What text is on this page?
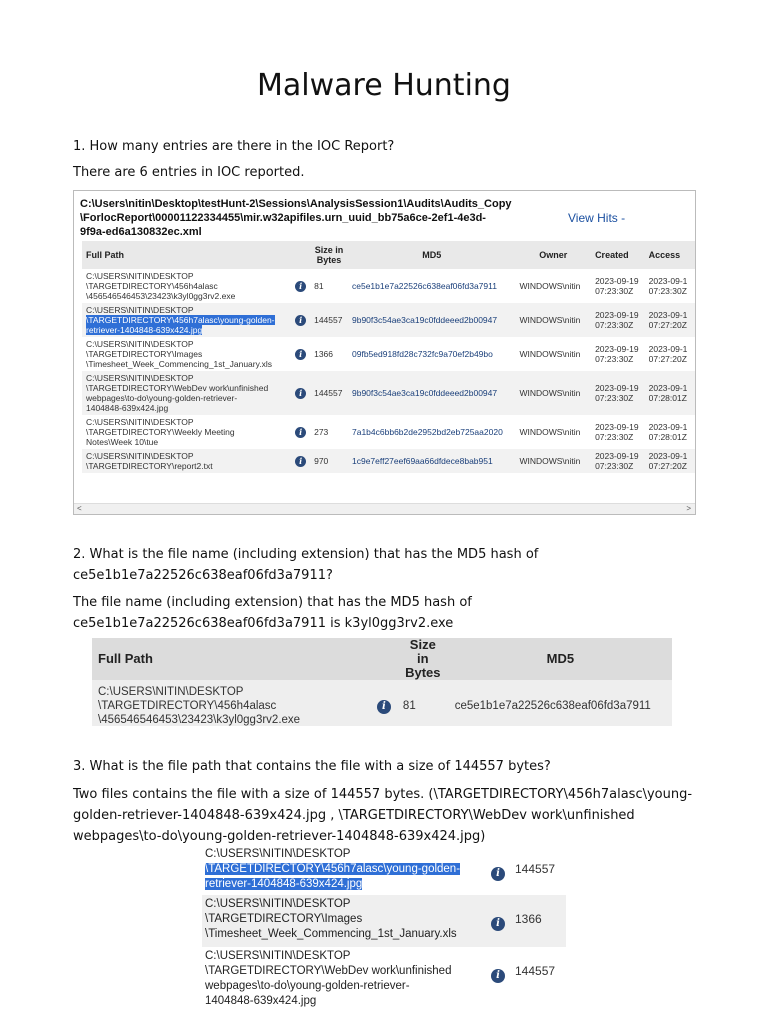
Malware Hunting

1. How many entries are there in the IOC Report?

There are 6 entries in IOC reported.

C:\Users\nitin\Desktop\testHunt-2\Sessions\AnalysisSession1\Audits\Audits_Copy
\ForlocReport\00001122334455\mir.w32apifiles.urn_uuid_bb75a6ce-2ef1-4e3d-
9f9a-ed6a130832ec.xml
View Hits -
Full Path		Size in Bytes	MD5	Owner	Created	Access

C:\USERS\NITIN\DESKTOP
\TARGETDIRECTORY\456h4alasc
\456546546453\23423\k3yl0gg3rv2.exe	i	81	ce5e1b1e7a22526c638eaf06fd3a7911	WINDOWS\nitin	2023-09-19 07:23:30Z	2023-09-1 07:23:30Z

C:\USERS\NITIN\DESKTOP
\TARGETDIRECTORY\456h7alasc\young-golden-
retriever-1404848-639x424.jpg	i	144557	9b90f3c54ae3ca19c0fddeeed2b00947	WINDOWS\nitin	2023-09-19 07:23:30Z	2023-09-1 07:27:20Z

C:\USERS\NITIN\DESKTOP
\TARGETDIRECTORY\Images
\Timesheet_Week_Commencing_1st_January.xls	i	1366	09fb5ed918fd28c732fc9a70ef2b49bo	WINDOWS\nitin	2023-09-19 07:23:30Z	2023-09-1 07:27:20Z

C:\USERS\NITIN\DESKTOP
\TARGETDIRECTORY\WebDev work\unfinished
webpages\to-do\young-golden-retriever-
1404848-639x424.jpg	i	144557	9b90f3c54ae3ca19c0fddeeed2b00947	WINDOWS\nitin	2023-09-19 07:23:30Z	2023-09-1 07:28:01Z

C:\USERS\NITIN\DESKTOP
\TARGETDIRECTORY\Weekly Meeting
Notes\Week 10\tue	i	273	7a1b4c6bb6b2de2952bd2eb725aa2020	WINDOWS\nitin	2023-09-19 07:23:30Z	2023-09-1 07:28:01Z

C:\USERS\NITIN\DESKTOP
\TARGETDIRECTORY\report2.txt	i	970	1c9e7eff27eef69aa66dfdece8bab951	WINDOWS\nitin	2023-09-19 07:23:30Z	2023-09-1 07:27:20Z
<	>

2. What is the file name (including extension) that has the MD5 hash of ce5e1b1e7a22526c638eaf06fd3a7911?

The file name (including extension) that has the MD5 hash of ce5e1b1e7a22526c638eaf06fd3a7911 is k3yl0gg3rv2.exe

Full Path		Size in Bytes	MD5

C:\USERS\NITIN\DESKTOP
\TARGETDIRECTORY\456h4alasc
\456546546453\23423\k3yl0gg3rv2.exe	i	81	ce5e1b1e7a22526c638eaf06fd3a7911

3. What is the file path that contains the file with a size of 144557 bytes?

Two files contains the file with a size of 144557 bytes. (\TARGETDIRECTORY\456h7alasc\young-golden-retriever-1404848-639x424.jpg , \TARGETDIRECTORY\WebDev work\unfinished webpages\to-do\young-golden-retriever-1404848-639x424.jpg)

C:\USERS\NITIN\DESKTOP
\TARGETDIRECTORY\456h7alasc\young-golden-
retriever-1404848-639x424.jpg
i	144557
C:\USERS\NITIN\DESKTOP
\TARGETDIRECTORY\Images
\Timesheet_Week_Commencing_1st_January.xls
i	1366
C:\USERS\NITIN\DESKTOP
\TARGETDIRECTORY\WebDev work\unfinished
webpages\to-do\young-golden-retriever-
1404848-639x424.jpg
i	144557
